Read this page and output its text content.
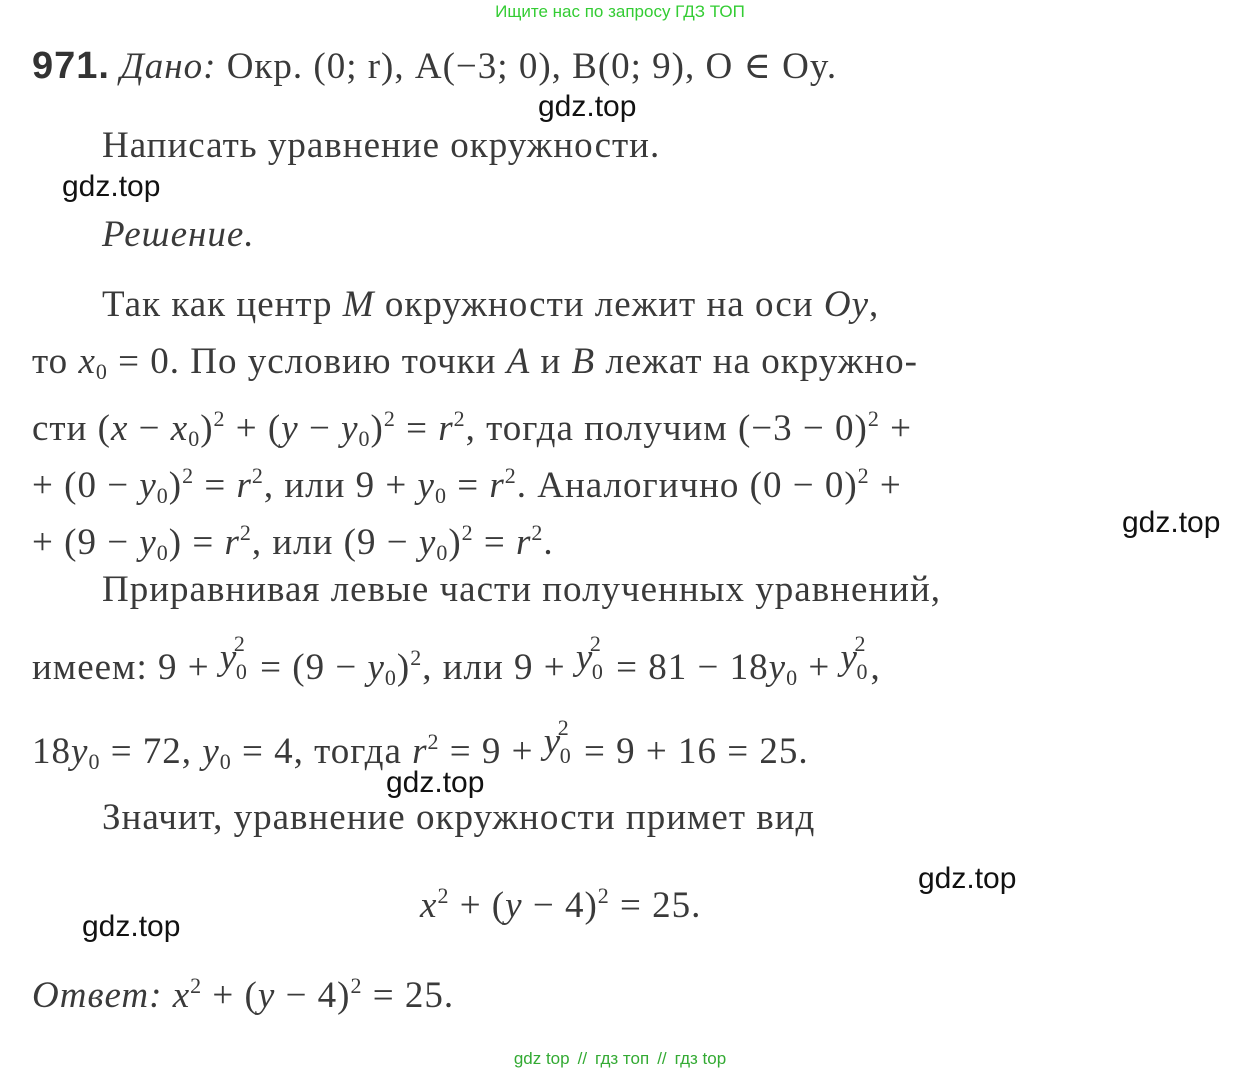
Ищите нас по запросу ГДЗ ТОП
971. Дано: Окр. (0; r), A(−3; 0), B(0; 9), O ∈ Oy.
Написать уравнение окружности.
Решение.
Так как центр M окружности лежит на оси Oy,
то $x_0 = 0$. По условию точки A и B лежат на окружно-
сти $(x - x_0)^2 + (y - y_0)^2 = r^2$, тогда получим $(-3 - 0)^2$ +
+ $(0 - y_0)^2 = r^2$, или $9 + y_0 = r^2$. Аналогично $(0 - 0)^2$ +
+ $(9 - y_0) = r^2$, или $(9 - y_0)^2 = r^2$.
Приравнивая левые части полученных уравнений,
имеем: 9 + y
2
$0 = (9 - y_0)^2$, или 9 + y
2
$0 = 81 - 18y_0 + y$
2
0 ,
$18y_0 = 72$, $y_0 = 4$, тогда $r^2 = 9 + y$
2
0 = 9 + 16 = 25.
Значит, уравнение окружности примет вид
$x^2 + (y - 4)^2 = 25$.
Ответ: $x^2 + (y - 4)^2 = 25$.
gdz.top
gdz.top
gdz.top
gdz.top
gdz.top
gdz.top
gdz top // гдз топ // гдз top
